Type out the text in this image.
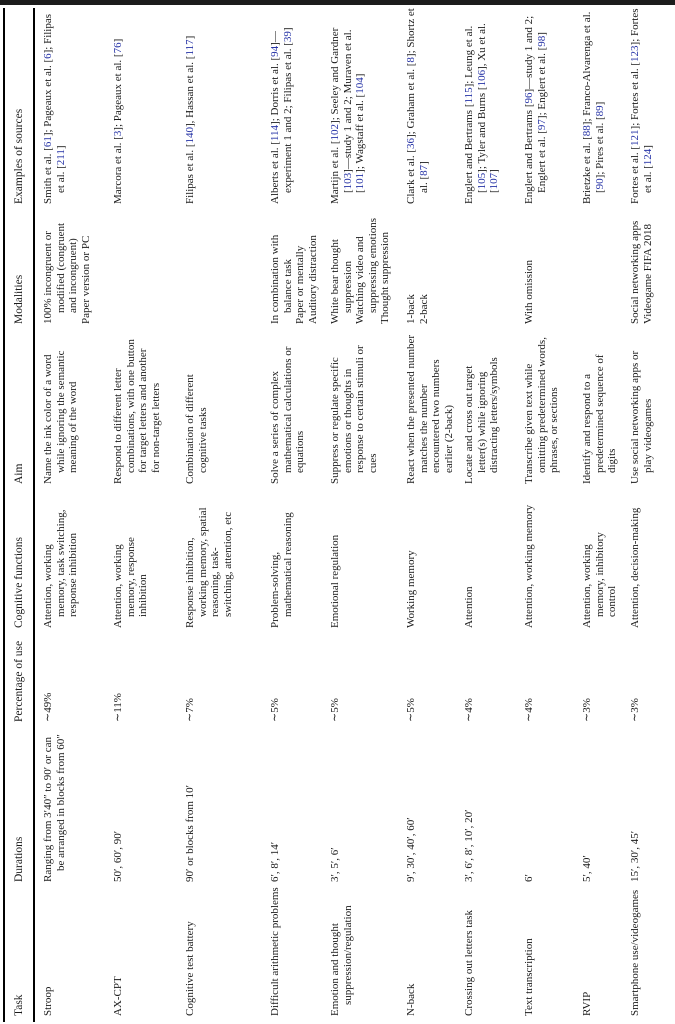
Task
Durations
Percentage of use
Cognitive functions
Aim
Modalities
Examples of sources

Stroop

Ranging from 3′40″ to 90′ or can be arranged in blocks from 60″

∼49%

Attention, working memory, task switching, response inhibition

Name the ink color of a word while ignoring the semantic meaning of the word

100% incongruent or modified (congruent and incongruent) Paper version or PC

Smith et al. [61]; Pageaux et al. [6]; Filipas et al. [211]

AX-CPT

50′, 60′, 90′

∼11%

Attention, working memory, response inhibition

Respond to different letter combinations, with one button for target letters and another for non-target letters

Marcora et al. [3]; Pageaux et al. [76]

Cognitive test battery

90′ or blocks from 10′

∼7%

Response inhibition, working memory, spatial reasoning, task-switching, attention, etc

Combination of different cognitive tasks

Filipas et al. [140], Hassan et al. [117]

Difficult arithmetic problems

6′, 8′, 14′

∼5%

Problem-solving, mathematical reasoning

Solve a series of complex mathematical calculations or equations

In combination with balance task Paper or mentally Auditory distraction

Alberts et al. [114]; Dorris et al. [94]—experiment 1 and 2; Filipas et al. [39]

Emotion and thought suppression/regulation

3′, 5′, 6′

∼5%

Emotional regulation

Suppress or regulate specific emotions or thoughts in response to certain stimuli or cues

White bear thought suppression Watching video and suppressing emotions Thought suppression

Martijn et al. [102]; Seeley and Gardner [103]—study 1 and 2; Muraven et al. [101]; Wagstaff et al. [104]

N-back

9′, 30′, 40′, 60′

∼5%

Working memory

React when the presented number matches the number encountered two numbers earlier (2-back)

1-back 2-back

Clark et al. [36]; Graham et al. [8]; Shortz et al. [87]

Crossing out letters task

3′, 6′, 8′, 10′, 20′

∼4%

Attention

Locate and cross out target letter(s) while ignoring distracting letters/symbols

Englert and Bertrams [115]; Leung et al. [105]; Tyler and Burns [106], Xu et al. [107]

Text transcription

6′

∼4%

Attention, working memory

Transcribe given text while omitting predetermined words, phrases, or sections

With omission

Englert and Bertrams [96]—study 1 and 2; Englert et al. [97]; Englert et al. [98]

RVIP

5′, 40′

∼3%

Attention, working memory, inhibitory control

Identify and respond to a predetermined sequence of digits

Brietzke et al. [88]; Franco-Alvarenga et al. [90]; Pires et al. [89]

Smartphone use/videogames

15′, 30′, 45′

∼3%

Attention, decision-making

Use social networking apps or play videogames

Social networking apps Videogame FIFA 2018

Fortes et al. [121]; Fortes et al. [123]; Fortes et al. [124]
